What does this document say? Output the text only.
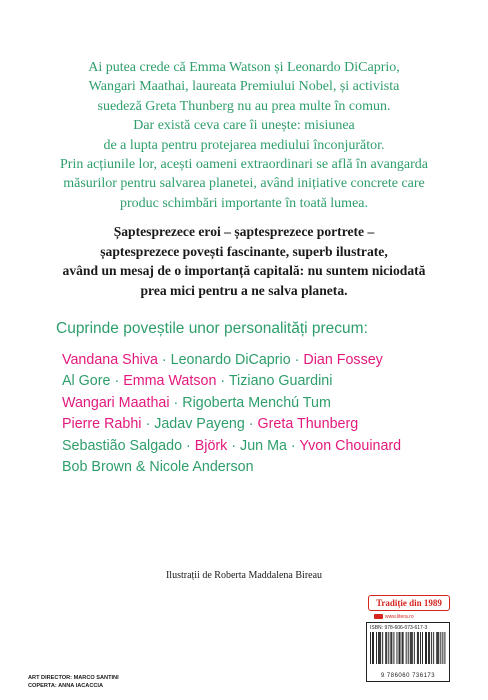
Ai putea crede că Emma Watson și Leonardo DiCaprio,
Wangari Maathai, laureata Premiului Nobel, și activista
suedeză Greta Thunberg nu au prea multe în comun.
Dar există ceva care îi unește: misiunea
de a lupta pentru protejarea mediului înconjurător.
Prin acțiunile lor, acești oameni extraordinari se află în avangarda
măsurilor pentru salvarea planetei, având inițiative concrete care
produc schimbări importante în toată lumea.
Șaptesprezece eroi – șaptesprezece portrete –
șaptesprezece povești fascinante, superb ilustrate,
având un mesaj de o importanță capitală: nu suntem niciodată
prea mici pentru a ne salva planeta.
Cuprinde poveștile unor personalități precum:
Vandana Shiva · Leonardo DiCaprio · Dian Fossey
Al Gore · Emma Watson · Tiziano Guardini
Wangari Maathai · Rigoberta Menchú Tum
Pierre Rabhi · Jadav Payeng · Greta Thunberg
Sebastião Salgado · Björk · Jun Ma · Yvon Chouinard
Bob Brown & Nicole Anderson
Ilustrații de Roberta Maddalena Bireau
ART DIRECTOR: MARCO SANTINI
COPERTA: ANNA IACACCIA
Tradiție din 1989
www.litera.ro
ISBN: 978-606-073-617-3
9 786060 736173
